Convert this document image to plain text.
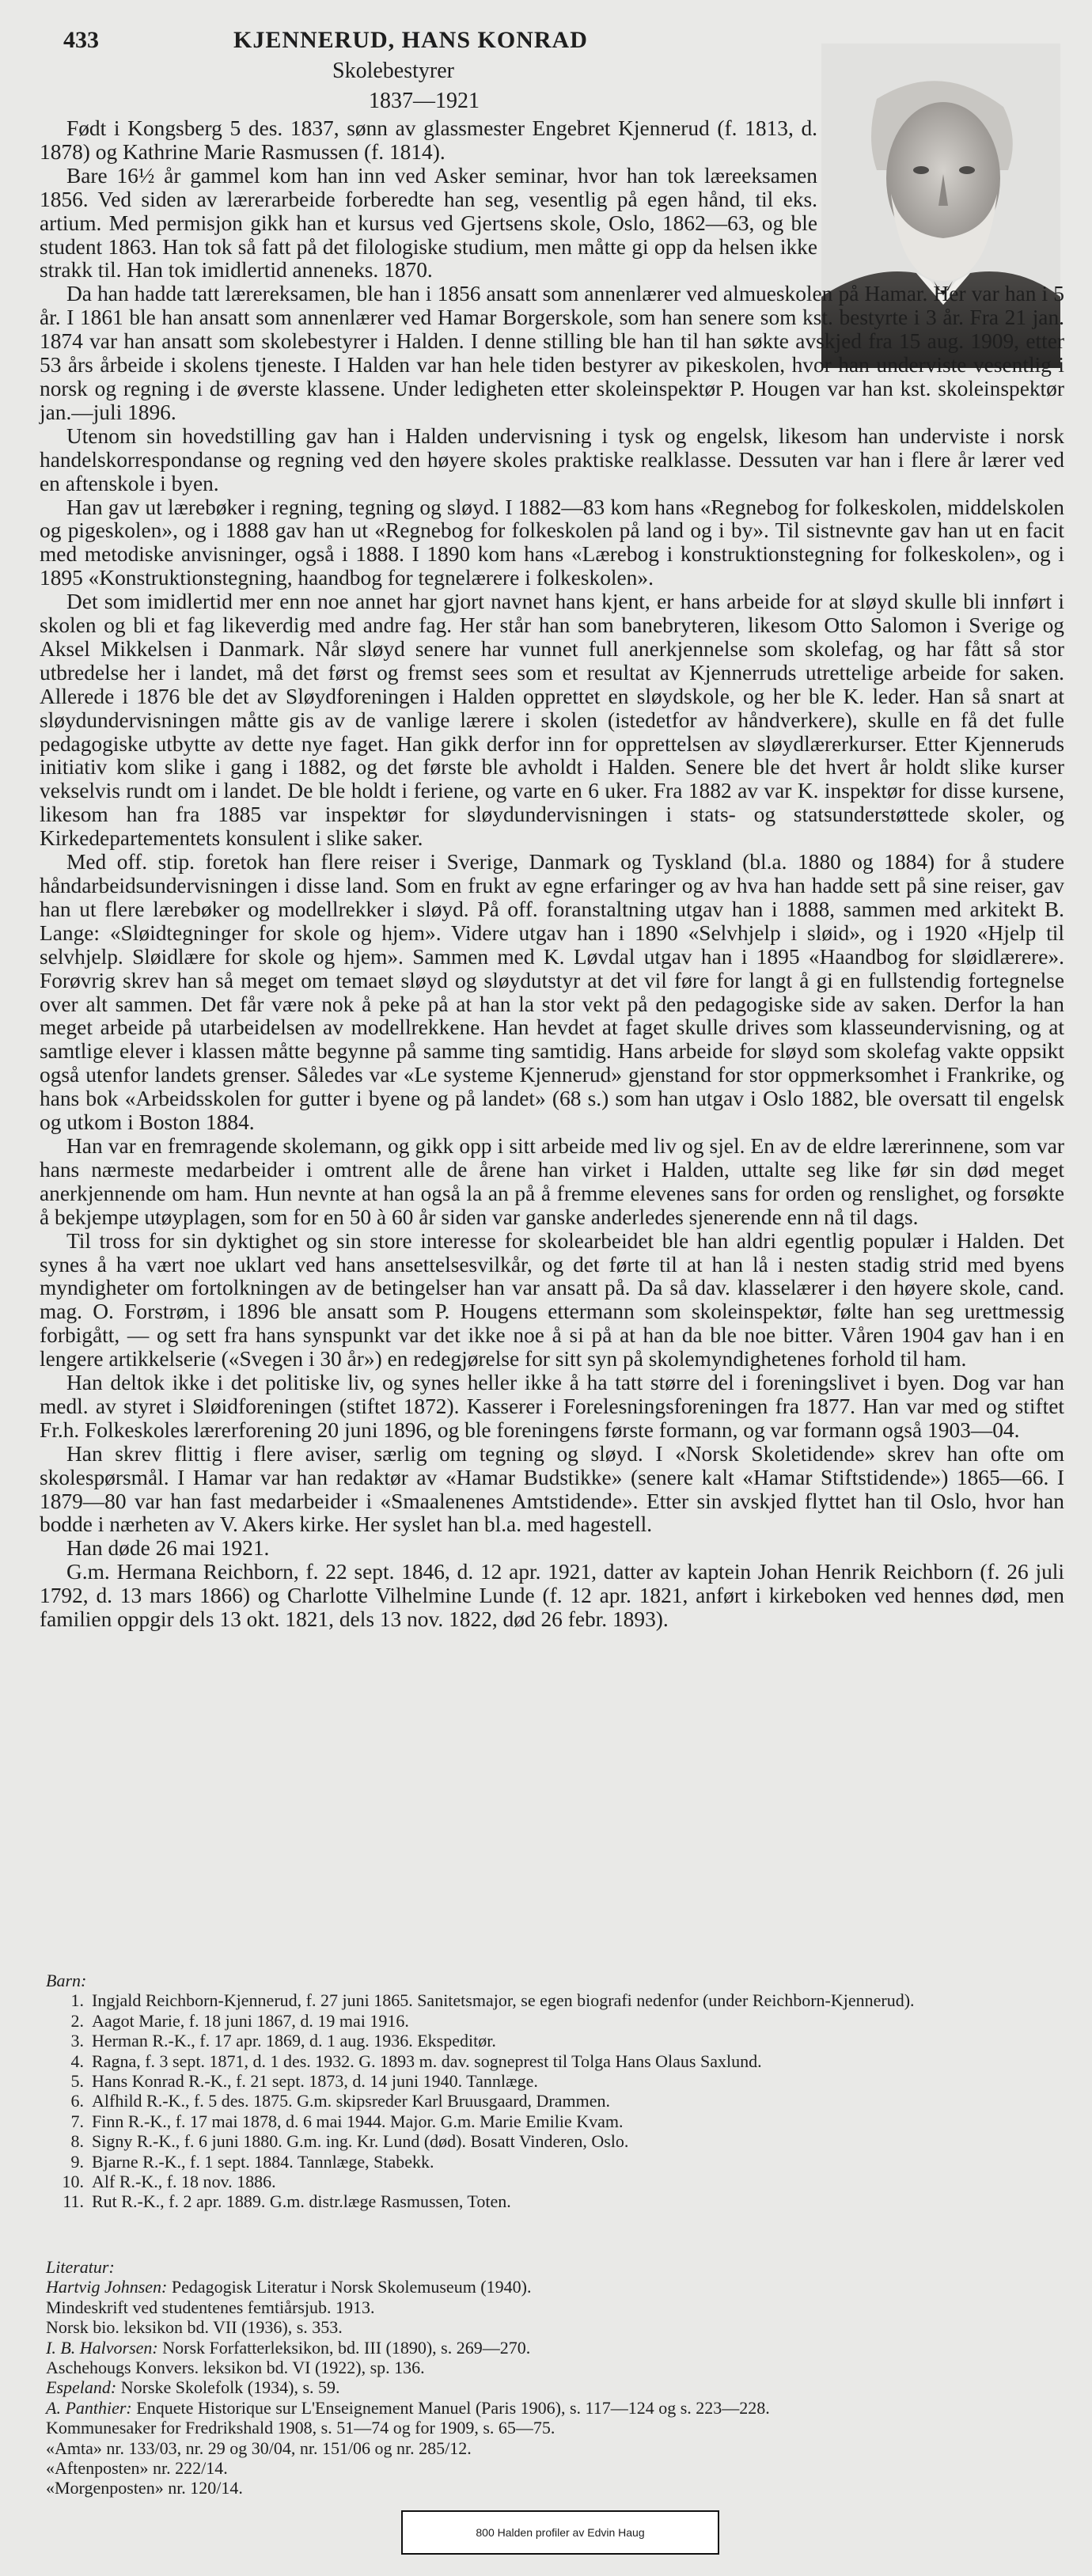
433	KJENNERUD, HANS KONRAD
Skolebestyrer
1837—1921

Født i Kongsberg 5 des. 1837, sønn av glassmester Engebret Kjennerud (f. 1813, d. 1878) og Kathrine Marie Rasmussen (f. 1814).

Bare 16½ år gammel kom han inn ved Asker seminar, hvor han tok læreeksamen 1856. Ved siden av lærerarbeide forberedte han seg, vesentlig på egen hånd, til eks. artium. Med permisjon gikk han et kursus ved Gjertsens skole, Oslo, 1862—63, og ble student 1863. Han tok så fatt på det filologiske studium, men måtte gi opp da helsen ikke strakk til. Han tok imidlertid anneneks. 1870.

Da han hadde tatt lærereksamen, ble han i 1856 ansatt som annenlærer ved almueskolen på Hamar. Her var han i 5 år. I 1861 ble han ansatt som annenlærer ved Hamar Borgerskole, som han senere som kst. bestyrte i 3 år. Fra 21 jan. 1874 var han ansatt som skolebestyrer i Halden. I denne stilling ble han til han søkte avskjed fra 15 aug. 1909, etter 53 års årbeide i skolens tjeneste. I Halden var han hele tiden bestyrer av pikeskolen, hvor han underviste vesentlig i norsk og regning i de øverste klassene. Under ledigheten etter skoleinspektør P. Hougen var han kst. skoleinspektør jan.—juli 1896.

Utenom sin hovedstilling gav han i Halden undervisning i tysk og engelsk, likesom han underviste i norsk handelskorrespondanse og regning ved den høyere skoles praktiske realklasse. Dessuten var han i flere år lærer ved en aftenskole i byen.

Han gav ut lærebøker i regning, tegning og sløyd. I 1882—83 kom hans «Regnebog for folkeskolen, middelskolen og pigeskolen», og i 1888 gav han ut «Regnebog for folkeskolen på land og i by». Til sistnevnte gav han ut en facit med metodiske anvisninger, også i 1888. I 1890 kom hans «Lærebog i konstruktionstegning for folkeskolen», og i 1895 «Konstruktionstegning, haandbog for tegnelærere i folkeskolen».

Det som imidlertid mer enn noe annet har gjort navnet hans kjent, er hans arbeide for at sløyd skulle bli innført i skolen og bli et fag likeverdig med andre fag. Her står han som banebryteren, likesom Otto Salomon i Sverige og Aksel Mikkelsen i Danmark. Når sløyd senere har vunnet full anerkjennelse som skolefag, og har fått så stor utbredelse her i landet, må det først og fremst sees som et resultat av Kjennerruds utrettelige arbeide for saken. Allerede i 1876 ble det av Sløydforeningen i Halden opprettet en sløydskole, og her ble K. leder. Han så snart at sløydundervisningen måtte gis av de vanlige lærere i skolen (istedetfor av håndverkere), skulle en få det fulle pedagogiske utbytte av dette nye faget. Han gikk derfor inn for opprettelsen av sløydlærerkurser. Etter Kjenneruds initiativ kom slike i gang i 1882, og det første ble avholdt i Halden. Senere ble det hvert år holdt slike kurser vekselvis rundt om i landet. De ble holdt i feriene, og varte en 6 uker. Fra 1882 av var K. inspektør for disse kursene, likesom han fra 1885 var inspektør for sløydundervisningen i stats- og statsunderstøttede skoler, og Kirkedepartementets konsulent i slike saker.

Med off. stip. foretok han flere reiser i Sverige, Danmark og Tyskland (bl.a. 1880 og 1884) for å studere håndarbeidsundervisningen i disse land. Som en frukt av egne erfaringer og av hva han hadde sett på sine reiser, gav han ut flere lærebøker og modellrekker i sløyd. På off. foranstaltning utgav han i 1888, sammen med arkitekt B. Lange: «Sløidtegninger for skole og hjem». Videre utgav han i 1890 «Selvhjelp i sløid», og i 1920 «Hjelp til selvhjelp. Sløidlære for skole og hjem». Sammen med K. Løvdal utgav han i 1895 «Haandbog for sløidlærere». Forøvrig skrev han så meget om temaet sløyd og sløydutstyr at det vil føre for langt å gi en fullstendig fortegnelse over alt sammen. Det får være nok å peke på at han la stor vekt på den pedagogiske side av saken. Derfor la han meget arbeide på utarbeidelsen av modellrekkene. Han hevdet at faget skulle drives som klasseundervisning, og at samtlige elever i klassen måtte begynne på samme ting samtidig. Hans arbeide for sløyd som skolefag vakte oppsikt også utenfor landets grenser. Således var «Le systeme Kjennerud» gjenstand for stor oppmerksomhet i Frankrike, og hans bok «Arbeidsskolen for gutter i byene og på landet» (68 s.) som han utgav i Oslo 1882, ble oversatt til engelsk og utkom i Boston 1884.

Han var en fremragende skolemann, og gikk opp i sitt arbeide med liv og sjel. En av de eldre lærerinnene, som var hans nærmeste medarbeider i omtrent alle de årene han virket i Halden, uttalte seg like før sin død meget anerkjennende om ham. Hun nevnte at han også la an på å fremme elevenes sans for orden og renslighet, og forsøkte å bekjempe utøyplagen, som for en 50 à 60 år siden var ganske anderledes sjenerende enn nå til dags.

Til tross for sin dyktighet og sin store interesse for skolearbeidet ble han aldri egentlig populær i Halden. Det synes å ha vært noe uklart ved hans ansettelsesvilkår, og det førte til at han lå i nesten stadig strid med byens myndigheter om fortolkningen av de betingelser han var ansatt på. Da så dav. klasselærer i den høyere skole, cand. mag. O. Forstrøm, i 1896 ble ansatt som P. Hougens ettermann som skoleinspektør, følte han seg urettmessig forbigått, — og sett fra hans synspunkt var det ikke noe å si på at han da ble noe bitter. Våren 1904 gav han i en lengere artikkelserie («Svegen i 30 år») en redegjørelse for sitt syn på skolemyndighetenes forhold til ham.

Han deltok ikke i det politiske liv, og synes heller ikke å ha tatt større del i foreningslivet i byen. Dog var han medl. av styret i Sløidforeningen (stiftet 1872). Kasserer i Forelesningsforeningen fra 1877. Han var med og stiftet Fr.h. Folkeskoles lærerforening 20 juni 1896, og ble foreningens første formann, og var formann også 1903—04.

Han skrev flittig i flere aviser, særlig om tegning og sløyd. I «Norsk Skoletidende» skrev han ofte om skolespørsmål. I Hamar var han redaktør av «Hamar Budstikke» (senere kalt «Hamar Stiftstidende») 1865—66. I 1879—80 var han fast medarbeider i «Smaalenenes Amtstidende». Etter sin avskjed flyttet han til Oslo, hvor han bodde i nærheten av V. Akers kirke. Her syslet han bl.a. med hagestell.

Han døde 26 mai 1921.

G.m. Hermana Reichborn, f. 22 sept. 1846, d. 12 apr. 1921, datter av kaptein Johan Henrik Reichborn (f. 26 juli 1792, d. 13 mars 1866) og Charlotte Vilhelmine Lunde (f. 12 apr. 1821, anført i kirkeboken ved hennes død, men familien oppgir dels 13 okt. 1821, dels 13 nov. 1822, død 26 febr. 1893).

Barn:
1. Ingjald Reichborn-Kjennerud, f. 27 juni 1865. Sanitetsmajor, se egen biografi nedenfor (under Reichborn-Kjennerud).
2. Aagot Marie, f. 18 juni 1867, d. 19 mai 1916.
3. Herman R.-K., f. 17 apr. 1869, d. 1 aug. 1936. Ekspeditør.
4. Ragna, f. 3 sept. 1871, d. 1 des. 1932. G. 1893 m. dav. sogneprest til Tolga Hans Olaus Saxlund.
5. Hans Konrad R.-K., f. 21 sept. 1873, d. 14 juni 1940. Tannlæge.
6. Alfhild R.-K., f. 5 des. 1875. G.m. skipsreder Karl Bruusgaard, Drammen.
7. Finn R.-K., f. 17 mai 1878, d. 6 mai 1944. Major. G.m. Marie Emilie Kvam.
8. Signy R.-K., f. 6 juni 1880. G.m. ing. Kr. Lund (død). Bosatt Vinderen, Oslo.
9. Bjarne R.-K., f. 1 sept. 1884. Tannlæge, Stabekk.
10. Alf R.-K., f. 18 nov. 1886.
11. Rut R.-K., f. 2 apr. 1889. G.m. distr.læge Rasmussen, Toten.
Literatur:
Hartvig Johnsen: Pedagogisk Literatur i Norsk Skolemuseum (1940).
Mindeskrift ved studentenes femtiårsjub. 1913.
Norsk bio. leksikon bd. VII (1936), s. 353.
I. B. Halvorsen: Norsk Forfatterleksikon, bd. III (1890), s. 269—270.
Aschehougs Konvers. leksikon bd. VI (1922), sp. 136.
Espeland: Norske Skolefolk (1934), s. 59.
A. Panthier: Enquete Historique sur L'Enseignement Manuel (Paris 1906), s. 117—124 og s. 223—228.
Kommunesaker for Fredrikshald 1908, s. 51—74 og for 1909, s. 65—75.
«Amta» nr. 133/03, nr. 29 og 30/04, nr. 151/06 og nr. 285/12.
«Aftenposten» nr. 222/14.
«Morgenposten» nr. 120/14.
800 Halden profiler av Edvin Haug
